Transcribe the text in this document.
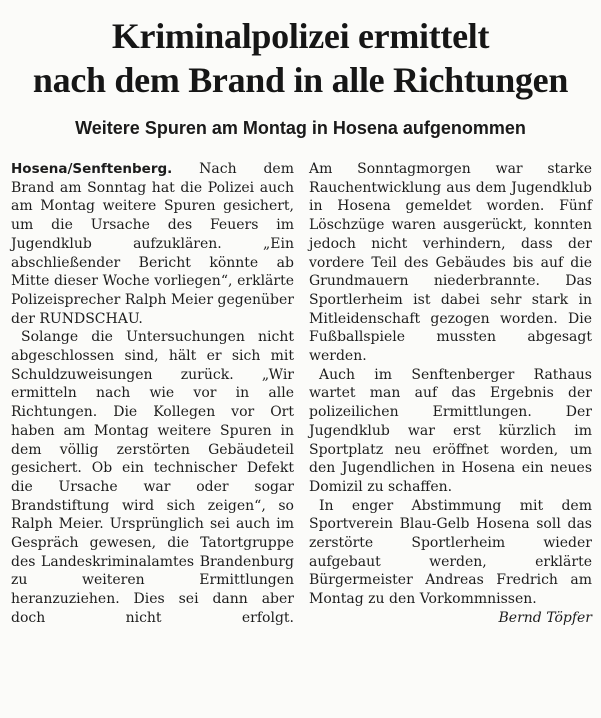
Kriminalpolizei ermittelt
nach dem Brand in alle Richtungen
Weitere Spuren am Montag in Hosena aufgenommen

Hosena/Senftenberg. Nach dem Brand am Sonntag hat die Polizei auch am Montag weitere Spuren gesichert, um die Ursache des Feuers im Jugendklub aufzuklären. „Ein abschließender Bericht könnte ab Mitte dieser Woche vorliegen“, erklärte Polizeisprecher Ralph Meier gegenüber der RUNDSCHAU.

Solange die Untersuchungen nicht abgeschlossen sind, hält er sich mit Schuldzuweisungen zurück. „Wir ermitteln nach wie vor in alle Richtungen. Die Kollegen vor Ort haben am Montag weitere Spuren in dem völlig zerstörten Gebäudeteil gesichert. Ob ein technischer Defekt die Ursache war oder sogar Brandstiftung wird sich zeigen“, so Ralph Meier. Ursprünglich sei auch im Gespräch gewesen, die Tatortgruppe des Landeskriminalamtes Brandenburg zu weiteren Ermittlungen heranzuziehen. Dies sei dann aber doch nicht erfolgt.

Am Sonntagmorgen war starke Rauchentwicklung aus dem Jugendklub in Hosena gemeldet worden. Fünf Löschzüge waren ausgerückt, konnten jedoch nicht verhindern, dass der vordere Teil des Gebäudes bis auf die Grundmauern niederbrannte. Das Sportlerheim ist dabei sehr stark in Mitleidenschaft gezogen worden. Die Fußballspiele mussten abgesagt werden.

Auch im Senftenberger Rathaus wartet man auf das Ergebnis der polizeilichen Ermittlungen. Der Jugendklub war erst kürzlich im Sportplatz neu eröffnet worden, um den Jugendlichen in Hosena ein neues Domizil zu schaffen.

In enger Abstimmung mit dem Sportverein Blau-Gelb Hosena soll das zerstörte Sportlerheim wieder aufgebaut werden, erklärte Bürgermeister Andreas Fredrich am Montag zu den Vorkommnissen.
Bernd Töpfer
